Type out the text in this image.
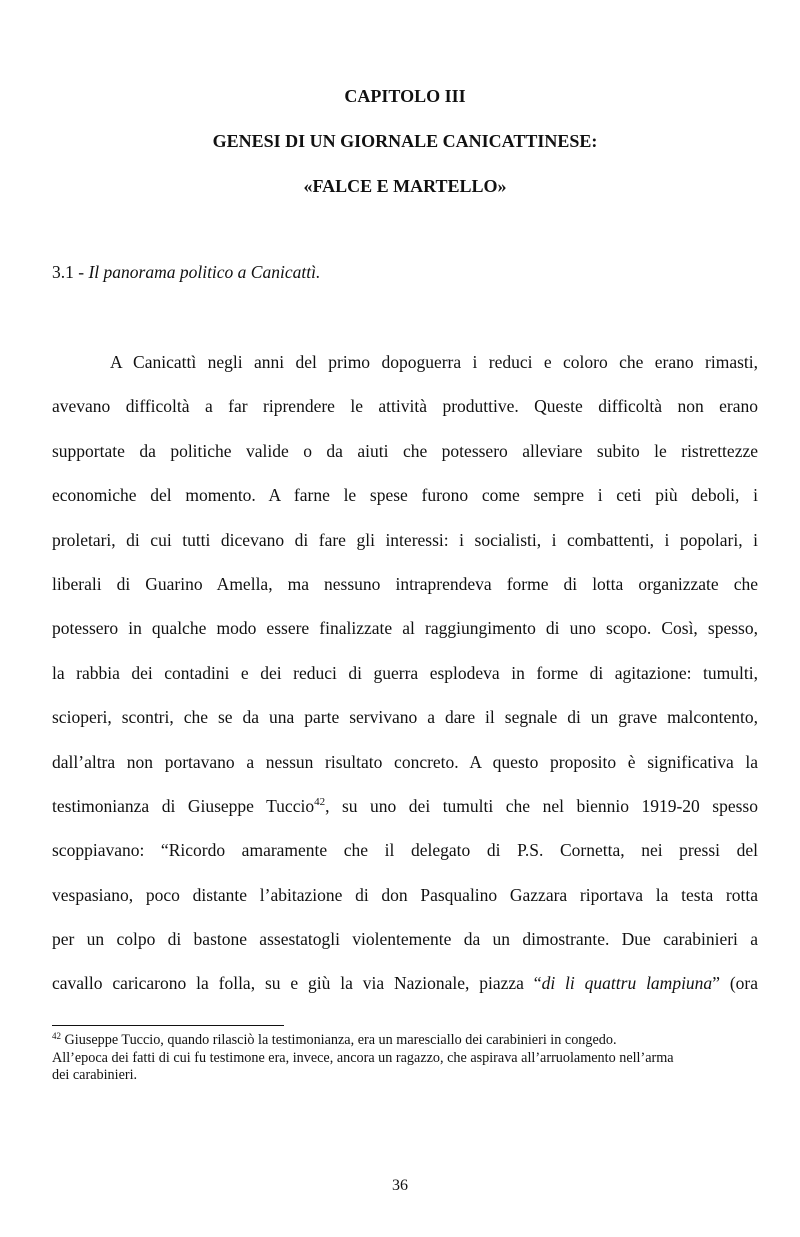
CAPITOLO III
GENESI DI UN GIORNALE CANICATTINESE:
«FALCE E MARTELLO»
3.1 - Il panorama politico a Canicattì.
A Canicattì negli anni del primo dopoguerra i reduci e coloro che erano rimasti,
avevano difficoltà a far riprendere le attività produttive. Queste difficoltà non erano
supportate da politiche valide o da aiuti che potessero alleviare subito le ristrettezze
economiche del momento. A farne le spese furono come sempre i ceti più deboli, i
proletari, di cui tutti dicevano di fare gli interessi: i socialisti, i combattenti, i popolari, i
liberali di Guarino Amella, ma nessuno intraprendeva forme di lotta organizzate che
potessero in qualche modo essere finalizzate al raggiungimento di uno scopo. Così, spesso,
la rabbia dei contadini e dei reduci di guerra esplodeva in forme di agitazione: tumulti,
scioperi, scontri, che se da una parte servivano a dare il segnale di un grave malcontento,
dall’altra non portavano a nessun risultato concreto. A questo proposito è significativa la
testimonianza di Giuseppe Tuccio$^{42}$, su uno dei tumulti che nel biennio 1919-20 spesso
scoppiavano: “Ricordo amaramente che il delegato di P.S. Cornetta, nei pressi del
vespasiano, poco distante l’abitazione di don Pasqualino Gazzara riportava la testa rotta
per un colpo di bastone assestatogli violentemente da un dimostrante. Due carabinieri a
cavallo caricarono la folla, su e giù la via Nazionale, piazza “di li quattru lampiuna” (ora
$^{42}$ Giuseppe Tuccio, quando rilasciò la testimonianza, era un maresciallo dei carabinieri in congedo.
All’epoca dei fatti di cui fu testimone era, invece, ancora un ragazzo, che aspirava all’arruolamento nell’arma
dei carabinieri.
36
